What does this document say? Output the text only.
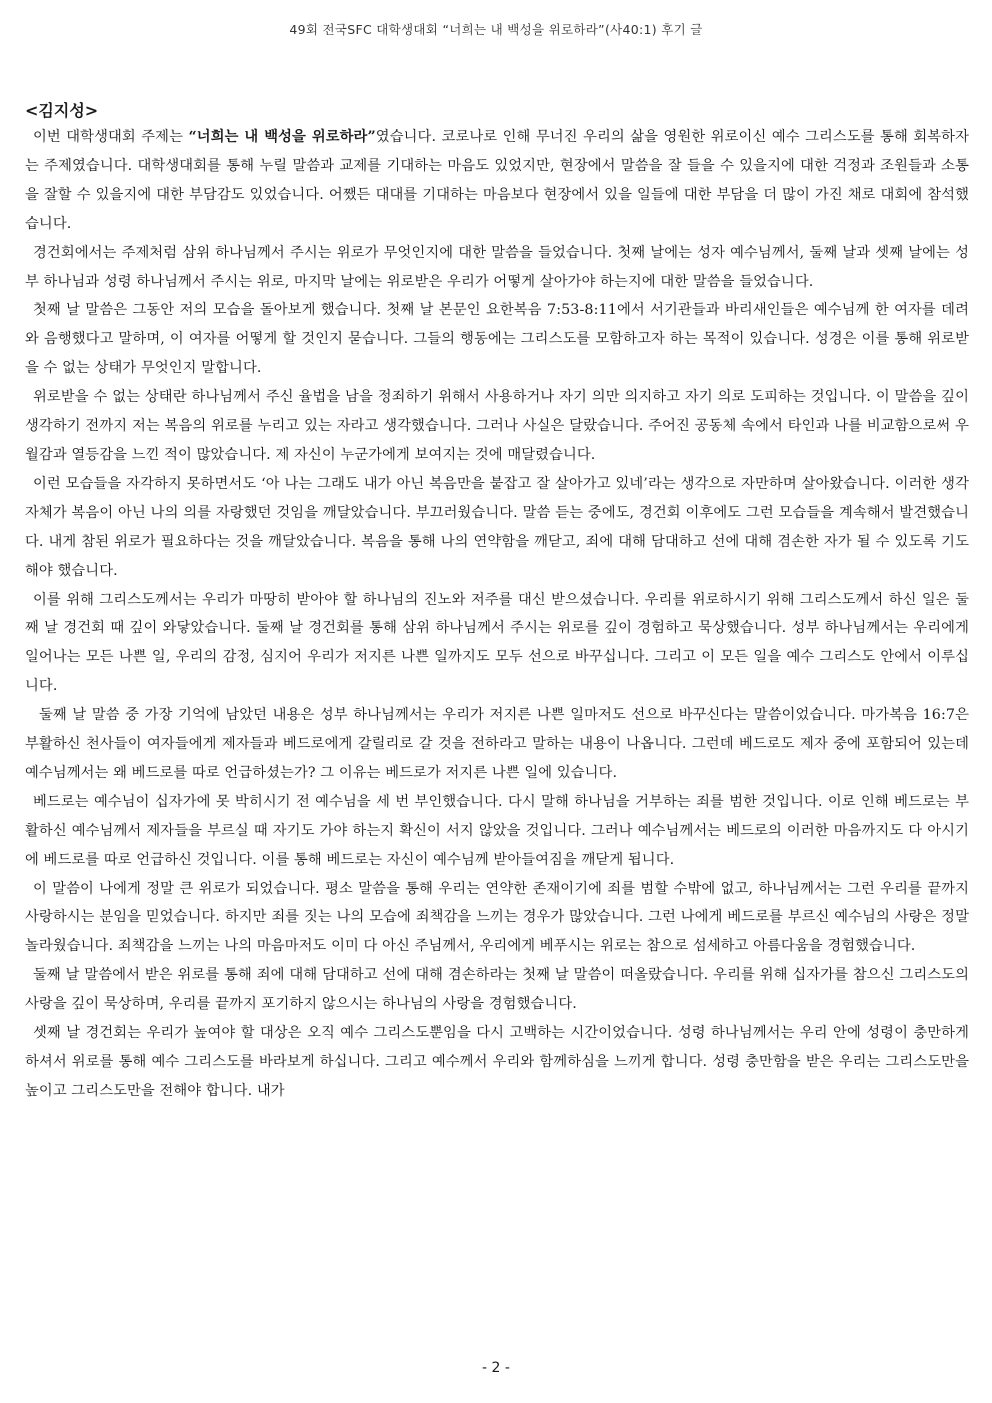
49회 전국SFC 대학생대회 “너희는 내 백성을 위로하라”(사40:1) 후기 글
<김지성>

이번 대학생대회 주제는 “너희는 내 백성을 위로하라”였습니다. 코로나로 인해 무너진 우리의 삶을 영원한 위로이신 예수 그리스도를 통해 회복하자는 주제였습니다. 대학생대회를 통해 누릴 말씀과 교제를 기대하는 마음도 있었지만, 현장에서 말씀을 잘 들을 수 있을지에 대한 걱정과 조원들과 소통을 잘할 수 있을지에 대한 부담감도 있었습니다. 어쨌든 대대를 기대하는 마음보다 현장에서 있을 일들에 대한 부담을 더 많이 가진 채로 대회에 참석했습니다.

경건회에서는 주제처럼 삼위 하나님께서 주시는 위로가 무엇인지에 대한 말씀을 들었습니다. 첫째 날에는 성자 예수님께서, 둘째 날과 셋째 날에는 성부 하나님과 성령 하나님께서 주시는 위로, 마지막 날에는 위로받은 우리가 어떻게 살아가야 하는지에 대한 말씀을 들었습니다.

첫째 날 말씀은 그동안 저의 모습을 돌아보게 했습니다. 첫째 날 본문인 요한복음 7:53-8:11에서 서기관들과 바리새인들은 예수님께 한 여자를 데려와 음행했다고 말하며, 이 여자를 어떻게 할 것인지 묻습니다. 그들의 행동에는 그리스도를 모함하고자 하는 목적이 있습니다. 성경은 이를 통해 위로받을 수 없는 상태가 무엇인지 말합니다.

위로받을 수 없는 상태란 하나님께서 주신 율법을 남을 정죄하기 위해서 사용하거나 자기 의만 의지하고 자기 의로 도피하는 것입니다. 이 말씀을 깊이 생각하기 전까지 저는 복음의 위로를 누리고 있는 자라고 생각했습니다. 그러나 사실은 달랐습니다. 주어진 공동체 속에서 타인과 나를 비교함으로써 우월감과 열등감을 느낀 적이 많았습니다. 제 자신이 누군가에게 보여지는 것에 매달렸습니다.

이런 모습들을 자각하지 못하면서도 ‘아 나는 그래도 내가 아닌 복음만을 붙잡고 잘 살아가고 있네’라는 생각으로 자만하며 살아왔습니다. 이러한 생각 자체가 복음이 아닌 나의 의를 자랑했던 것임을 깨달았습니다. 부끄러웠습니다. 말씀 듣는 중에도, 경건회 이후에도 그런 모습들을 계속해서 발견했습니다. 내게 참된 위로가 필요하다는 것을 깨달았습니다. 복음을 통해 나의 연약함을 깨닫고, 죄에 대해 담대하고 선에 대해 겸손한 자가 될 수 있도록 기도해야 했습니다.

이를 위해 그리스도께서는 우리가 마땅히 받아야 할 하나님의 진노와 저주를 대신 받으셨습니다. 우리를 위로하시기 위해 그리스도께서 하신 일은 둘째 날 경건회 때 깊이 와닿았습니다. 둘째 날 경건회를 통해 삼위 하나님께서 주시는 위로를 깊이 경험하고 묵상했습니다. 성부 하나님께서는 우리에게 일어나는 모든 나쁜 일, 우리의 감정, 심지어 우리가 저지른 나쁜 일까지도 모두 선으로 바꾸십니다. 그리고 이 모든 일을 예수 그리스도 안에서 이루십니다.

둘째 날 말씀 중 가장 기억에 남았던 내용은 성부 하나님께서는 우리가 저지른 나쁜 일마저도 선으로 바꾸신다는 말씀이었습니다. 마가복음 16:7은 부활하신 천사들이 여자들에게 제자들과 베드로에게 갈릴리로 갈 것을 전하라고 말하는 내용이 나옵니다. 그런데 베드로도 제자 중에 포함되어 있는데 예수님께서는 왜 베드로를 따로 언급하셨는가? 그 이유는 베드로가 저지른 나쁜 일에 있습니다.

베드로는 예수님이 십자가에 못 박히시기 전 예수님을 세 번 부인했습니다. 다시 말해 하나님을 거부하는 죄를 범한 것입니다. 이로 인해 베드로는 부활하신 예수님께서 제자들을 부르실 때 자기도 가야 하는지 확신이 서지 않았을 것입니다. 그러나 예수님께서는 베드로의 이러한 마음까지도 다 아시기에 베드로를 따로 언급하신 것입니다. 이를 통해 베드로는 자신이 예수님께 받아들여짐을 깨닫게 됩니다.

이 말씀이 나에게 정말 큰 위로가 되었습니다. 평소 말씀을 통해 우리는 연약한 존재이기에 죄를 범할 수밖에 없고, 하나님께서는 그런 우리를 끝까지 사랑하시는 분임을 믿었습니다. 하지만 죄를 짓는 나의 모습에 죄책감을 느끼는 경우가 많았습니다. 그런 나에게 베드로를 부르신 예수님의 사랑은 정말 놀라웠습니다. 죄책감을 느끼는 나의 마음마저도 이미 다 아신 주님께서, 우리에게 베푸시는 위로는 참으로 섬세하고 아름다움을 경험했습니다.

둘째 날 말씀에서 받은 위로를 통해 죄에 대해 담대하고 선에 대해 겸손하라는 첫째 날 말씀이 떠올랐습니다. 우리를 위해 십자가를 참으신 그리스도의 사랑을 깊이 묵상하며, 우리를 끝까지 포기하지 않으시는 하나님의 사랑을 경험했습니다.

셋째 날 경건회는 우리가 높여야 할 대상은 오직 예수 그리스도뿐임을 다시 고백하는 시간이었습니다. 성령 하나님께서는 우리 안에 성령이 충만하게 하셔서 위로를 통해 예수 그리스도를 바라보게 하십니다. 그리고 예수께서 우리와 함께하심을 느끼게 합니다. 성령 충만함을 받은 우리는 그리스도만을 높이고 그리스도만을 전해야 합니다. 내가

- 2 -
